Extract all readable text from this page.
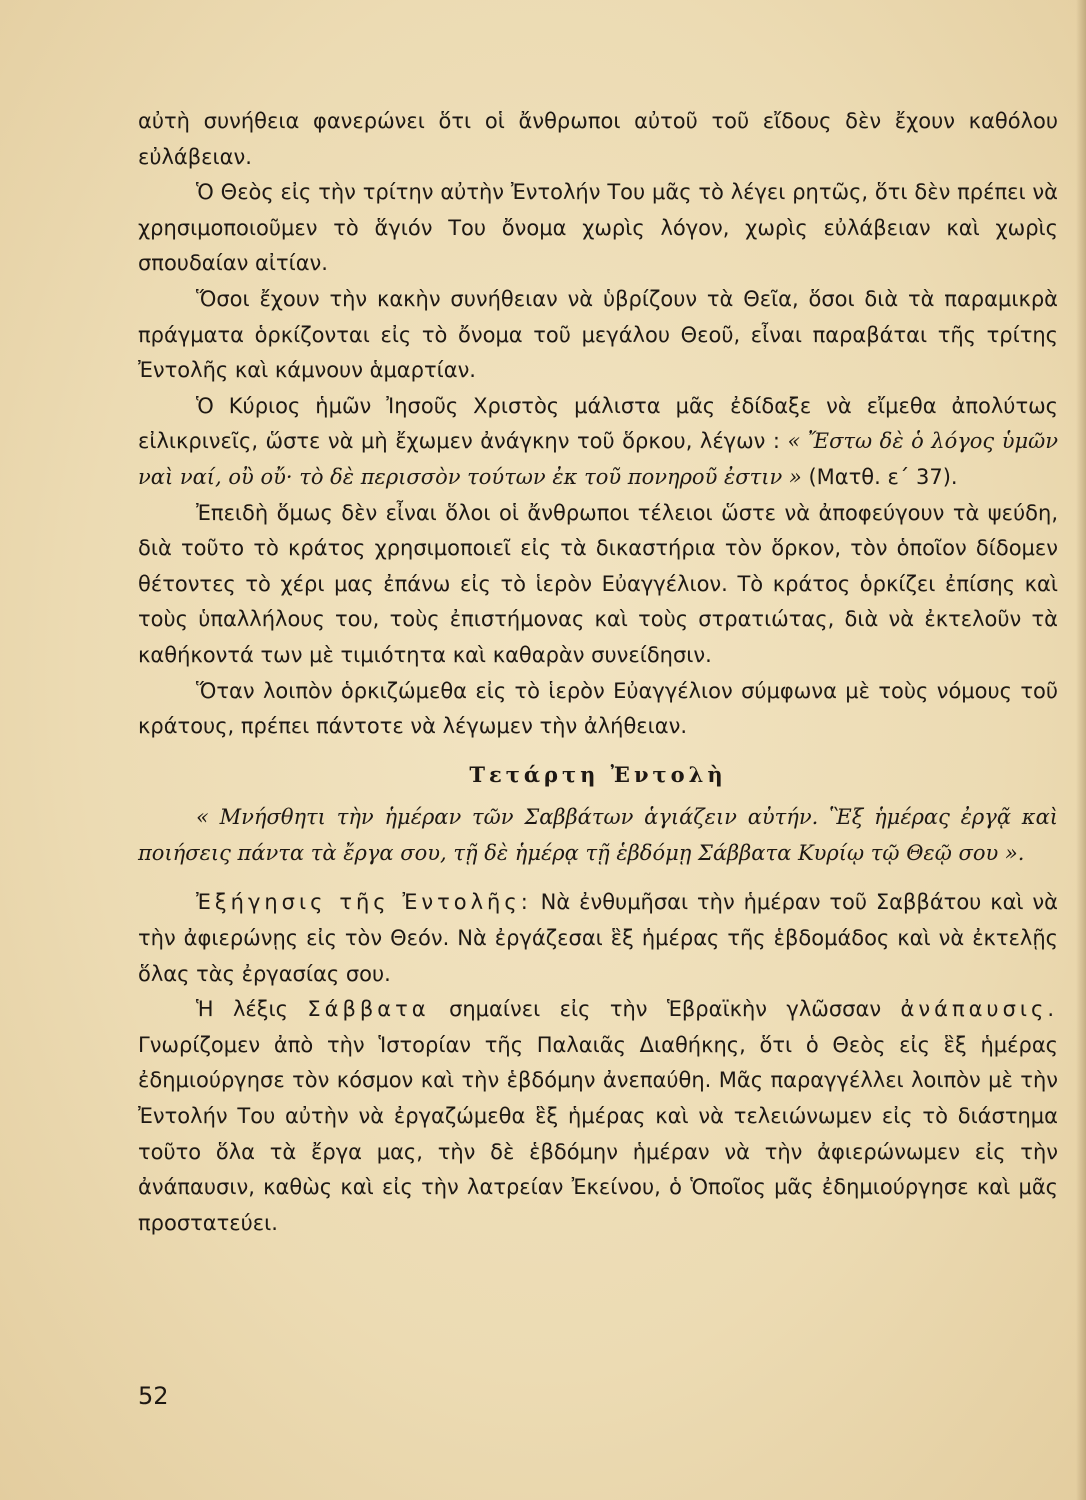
αὐτὴ συνήθεια φανερώνει ὅτι οἱ ἄνθρωποι αὐτοῦ τοῦ εἴδους δὲν ἔχουν καθόλου εὐλάβειαν.

Ὁ Θεὸς εἰς τὴν τρίτην αὐτὴν Ἐντολήν Του μᾶς τὸ λέγει ρητῶς, ὅτι δὲν πρέπει νὰ χρησιμοποιοῦμεν τὸ ἅγιόν Του ὄνομα χωρὶς λόγον, χωρὶς εὐλάβειαν καὶ χωρὶς σπουδαίαν αἰτίαν.

Ὅσοι ἔχουν τὴν κακὴν συνήθειαν νὰ ὑβρίζουν τὰ Θεῖα, ὅσοι διὰ τὰ παραμικρὰ πράγματα ὁρκίζονται εἰς τὸ ὄνομα τοῦ μεγάλου Θεοῦ, εἶναι παραβάται τῆς τρίτης Ἐντολῆς καὶ κάμνουν ἁμαρτίαν.

Ὁ Κύριος ἡμῶν Ἰησοῦς Χριστὸς μάλιστα μᾶς ἐδίδαξε νὰ εἴμεθα ἀπολύτως εἰλικρινεῖς, ὥστε νὰ μὴ ἔχωμεν ἀνάγκην τοῦ ὅρκου, λέγων : « Ἔστω δὲ ὁ λόγος ὑμῶν ναὶ ναί, οὒ οὔ· τὸ δὲ περισσὸν τούτων ἐκ τοῦ πονηροῦ ἐστιν » (Ματθ. ε΄ 37).

Ἐπειδὴ ὅμως δὲν εἶναι ὅλοι οἱ ἄνθρωποι τέλειοι ὥστε νὰ ἀποφεύγουν τὰ ψεύδη, διὰ τοῦτο τὸ κράτος χρησιμοποιεῖ εἰς τὰ δικαστήρια τὸν ὅρκον, τὸν ὁποῖον δίδομεν θέτοντες τὸ χέρι μας ἐπάνω εἰς τὸ ἱερὸν Εὐαγγέλιον. Τὸ κράτος ὁρκίζει ἐπίσης καὶ τοὺς ὑπαλλήλους του, τοὺς ἐπιστήμονας καὶ τοὺς στρατιώτας, διὰ νὰ ἐκτελοῦν τὰ καθήκοντά των μὲ τιμιότητα καὶ καθαρὰν συνείδησιν.

Ὅταν λοιπὸν ὁρκιζώμεθα εἰς τὸ ἱερὸν Εὐαγγέλιον σύμφωνα μὲ τοὺς νόμους τοῦ κράτους, πρέπει πάντοτε νὰ λέγωμεν τὴν ἀλήθειαν.

Τετάρτη Ἐντολὴ

« Μνήσθητι τὴν ἡμέραν τῶν Σαββάτων ἁγιάζειν αὐτήν. Ἓξ ἡμέρας ἐργᾷ καὶ ποιήσεις πάντα τὰ ἔργα σου, τῇ δὲ ἡμέρᾳ τῇ ἑβδόμῃ Σάββατα Κυρίῳ τῷ Θεῷ σου ».

Ἐξήγησις τῆς Ἐντολῆς: Νὰ ἐνθυμῆσαι τὴν ἡμέραν τοῦ Σαββάτου καὶ νὰ τὴν ἀφιερώνῃς εἰς τὸν Θεόν. Νὰ ἐργάζεσαι ἓξ ἡμέρας τῆς ἑβδομάδος καὶ νὰ ἐκτελῇς ὅλας τὰς ἐργασίας σου.

Ἡ λέξις Σάββατα σημαίνει εἰς τὴν Ἑβραϊκὴν γλῶσσαν ἀνάπαυσις. Γνωρίζομεν ἀπὸ τὴν Ἱστορίαν τῆς Παλαιᾶς Διαθήκης, ὅτι ὁ Θεὸς εἰς ἓξ ἡμέρας ἐδημιούργησε τὸν κόσμον καὶ τὴν ἑβδόμην ἀνεπαύθη. Μᾶς παραγγέλλει λοιπὸν μὲ τὴν Ἐντολήν Του αὐτὴν νὰ ἐργαζώμεθα ἓξ ἡμέρας καὶ νὰ τελειώνωμεν εἰς τὸ διάστημα τοῦτο ὅλα τὰ ἔργα μας, τὴν δὲ ἑβδόμην ἡμέραν νὰ τὴν ἀφιερώνωμεν εἰς τὴν ἀνάπαυσιν, καθὼς καὶ εἰς τὴν λατρείαν Ἐκείνου, ὁ Ὁποῖος μᾶς ἐδημιούργησε καὶ μᾶς προστατεύει.

52
